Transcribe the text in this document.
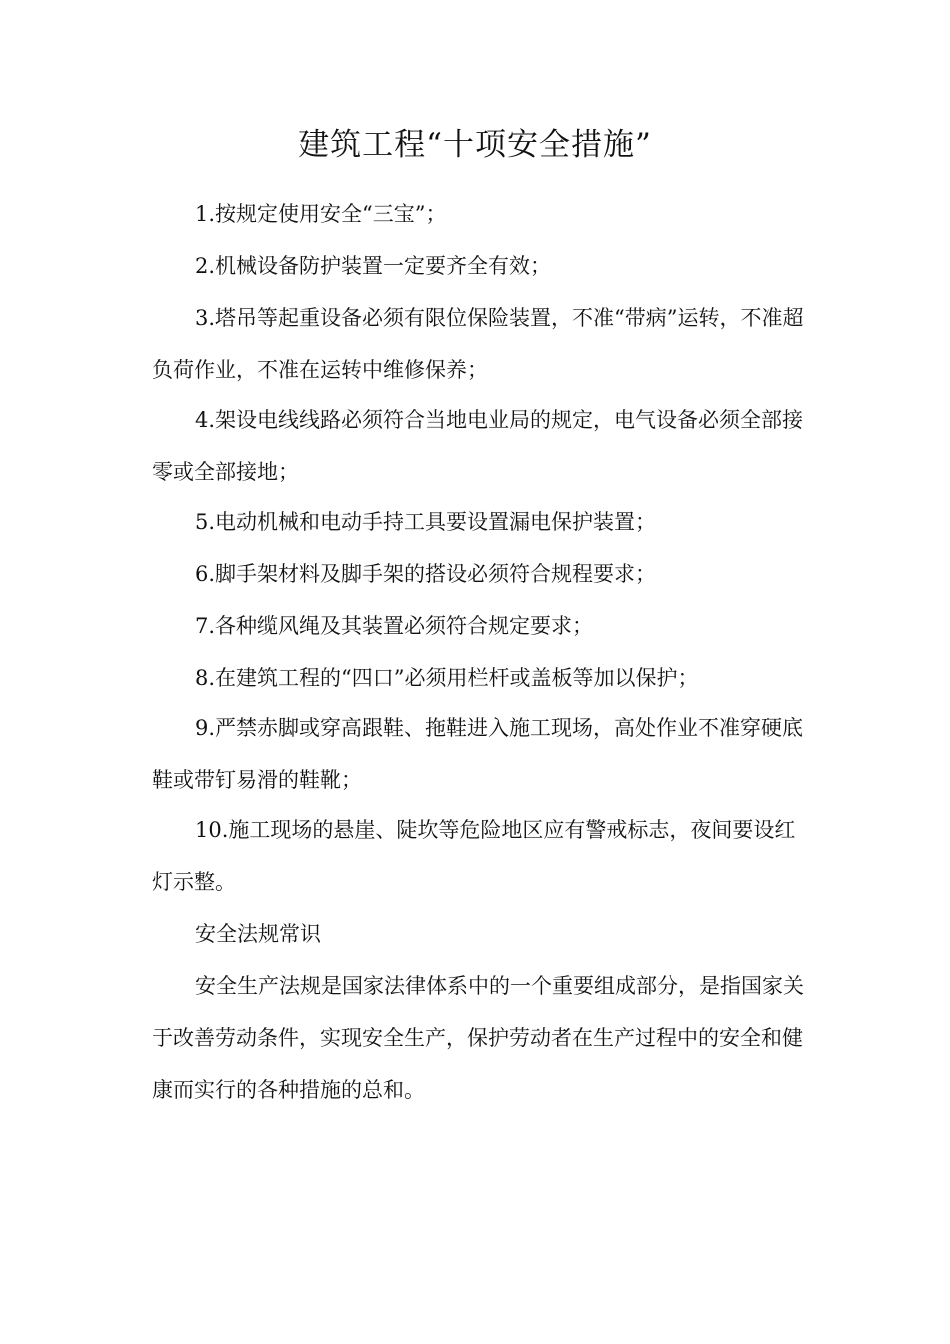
建筑工程“十项安全措施”

1.按规定使用安全“三宝”；

2.机械设备防护装置一定要齐全有效；

3.塔吊等起重设备必须有限位保险装置，不准“带病”运转，不准超负荷作业，不准在运转中维修保养；

4.架设电线线路必须符合当地电业局的规定，电气设备必须全部接零或全部接地；

5.电动机械和电动手持工具要设置漏电保护装置；

6.脚手架材料及脚手架的搭设必须符合规程要求；

7.各种缆风绳及其装置必须符合规定要求；

8.在建筑工程的“四口”必须用栏杆或盖板等加以保护；

9.严禁赤脚或穿高跟鞋、拖鞋进入施工现场，高处作业不准穿硬底鞋或带钉易滑的鞋靴；

10.施工现场的悬崖、陡坎等危险地区应有警戒标志，夜间要设红灯示整。

安全法规常识

安全生产法规是国家法律体系中的一个重要组成部分，是指国家关于改善劳动条件，实现安全生产，保护劳动者在生产过程中的安全和健康而实行的各种措施的总和。
